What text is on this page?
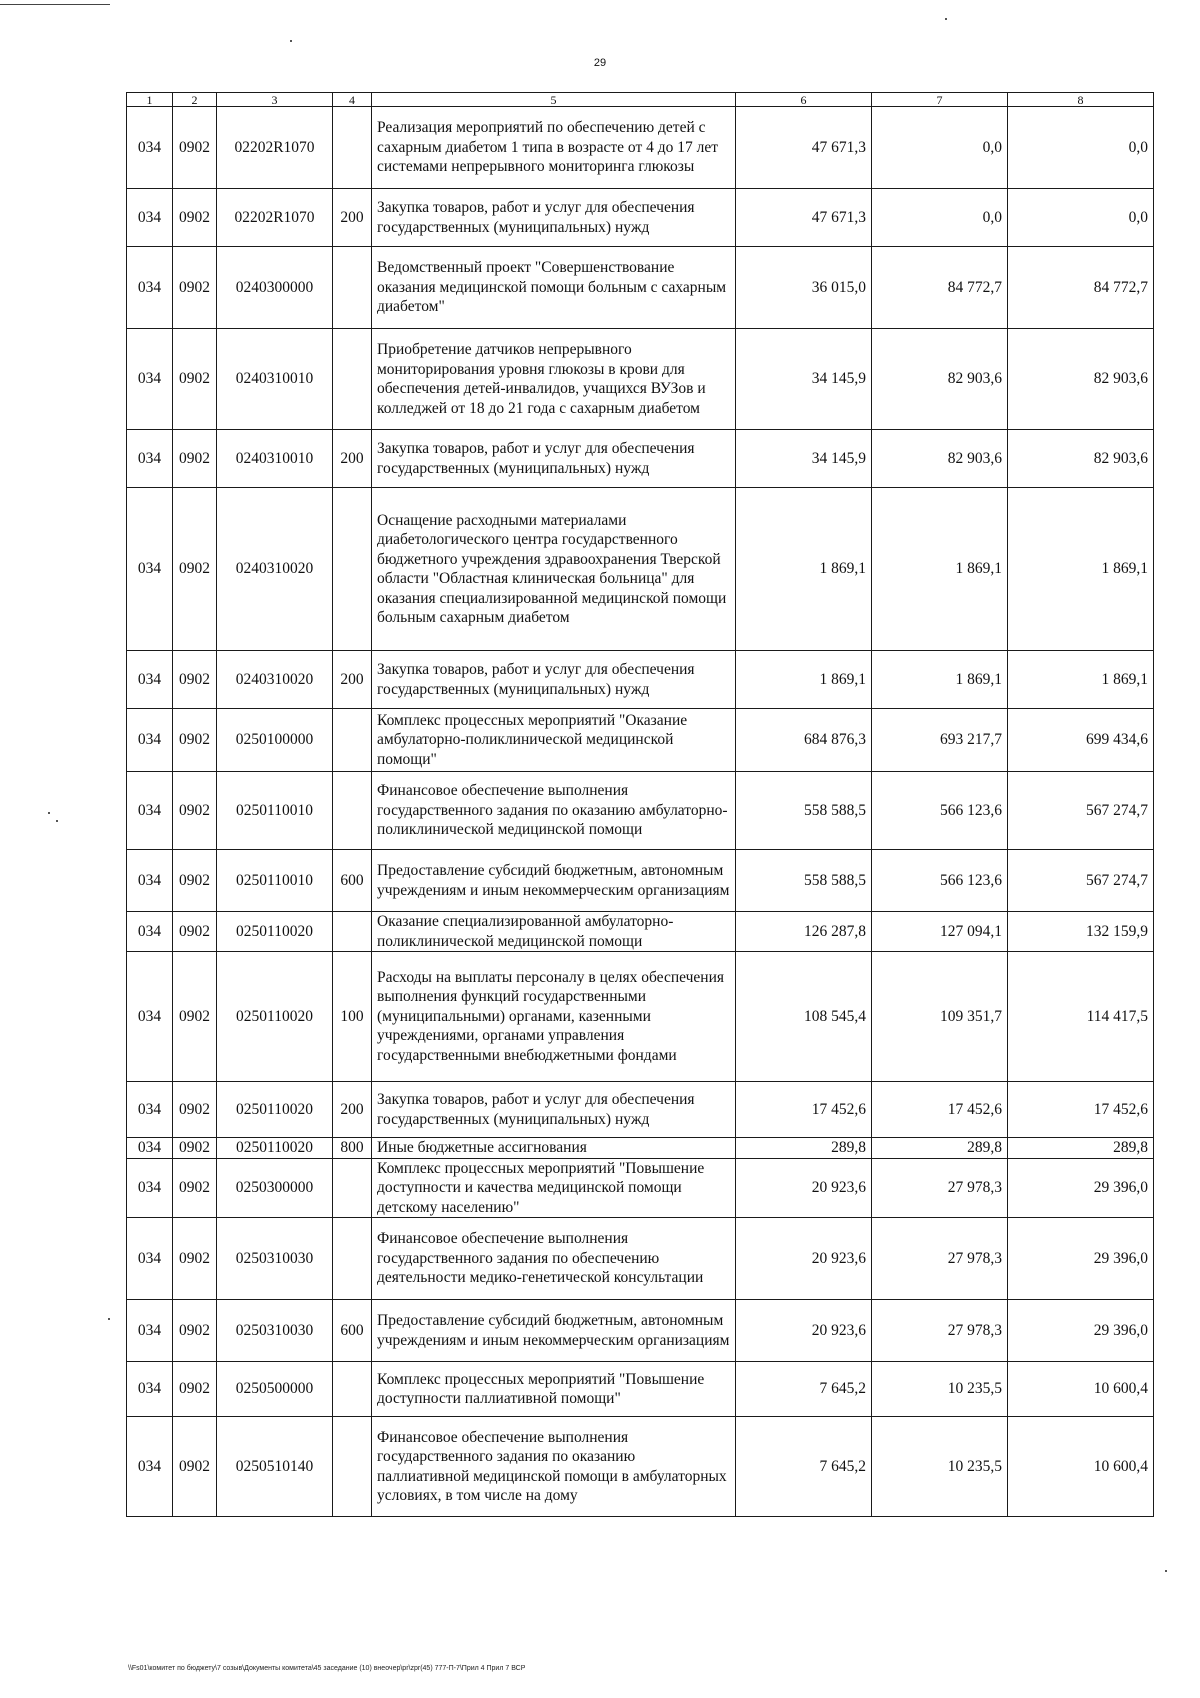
29
1	2	3	4	5	6	7	8
034	0902	02202R1070		Реализация мероприятий по обеспечению детей с сахарным диабетом 1 типа в возрасте от 4 до 17 лет системами непрерывного мониторинга глюкозы	47 671,3	0,0	0,0
034	0902	02202R1070	200	Закупка товаров, работ и услуг для обеспечения государственных (муниципальных) нужд	47 671,3	0,0	0,0
034	0902	0240300000		Ведомственный проект "Совершенствование оказания медицинской помощи больным с сахарным диабетом"	36 015,0	84 772,7	84 772,7
034	0902	0240310010		Приобретение датчиков непрерывного мониторирования уровня глюкозы в крови для обеспечения детей-инвалидов, учащихся ВУЗов и колледжей от 18 до 21 года с сахарным диабетом	34 145,9	82 903,6	82 903,6
034	0902	0240310010	200	Закупка товаров, работ и услуг для обеспечения государственных (муниципальных) нужд	34 145,9	82 903,6	82 903,6
034	0902	0240310020		Оснащение расходными материалами диабетологического центра государственного бюджетного учреждения здравоохранения Тверской области "Областная клиническая больница" для оказания специализированной медицинской помощи больным сахарным диабетом	1 869,1	1 869,1	1 869,1
034	0902	0240310020	200	Закупка товаров, работ и услуг для обеспечения государственных (муниципальных) нужд	1 869,1	1 869,1	1 869,1
034	0902	0250100000		Комплекс процессных мероприятий "Оказание амбулаторно-поликлинической медицинской помощи"	684 876,3	693 217,7	699 434,6
034	0902	0250110010		Финансовое обеспечение выполнения государственного задания по оказанию амбулаторно-поликлинической медицинской помощи	558 588,5	566 123,6	567 274,7
034	0902	0250110010	600	Предоставление субсидий бюджетным, автономным учреждениям и иным некоммерческим организациям	558 588,5	566 123,6	567 274,7
034	0902	0250110020		Оказание специализированной амбулаторно-поликлинической медицинской помощи	126 287,8	127 094,1	132 159,9
034	0902	0250110020	100	Расходы на выплаты персоналу в целях обеспечения выполнения функций государственными (муниципальными) органами, казенными учреждениями, органами управления государственными внебюджетными фондами	108 545,4	109 351,7	114 417,5
034	0902	0250110020	200	Закупка товаров, работ и услуг для обеспечения государственных (муниципальных) нужд	17 452,6	17 452,6	17 452,6
034	0902	0250110020	800	Иные бюджетные ассигнования	289,8	289,8	289,8
034	0902	0250300000		Комплекс процессных мероприятий "Повышение доступности и качества медицинской помощи детскому населению"	20 923,6	27 978,3	29 396,0
034	0902	0250310030		Финансовое обеспечение выполнения государственного задания по обеспечению деятельности медико-генетической консультации	20 923,6	27 978,3	29 396,0
034	0902	0250310030	600	Предоставление субсидий бюджетным, автономным учреждениям и иным некоммерческим организациям	20 923,6	27 978,3	29 396,0
034	0902	0250500000		Комплекс процессных мероприятий "Повышение доступности паллиативной помощи"	7 645,2	10 235,5	10 600,4
034	0902	0250510140		Финансовое обеспечение выполнения государственного задания по оказанию паллиативной медицинской помощи в амбулаторных условиях, в том числе на дому	7 645,2	10 235,5	10 600,4
\\Fs01\комитет по бюджету\7 созыв\Документы комитета\45 заседание (10) внеочер\pr\zpr(45) 777-П-7\Прил 4 Прил 7 ВСР
